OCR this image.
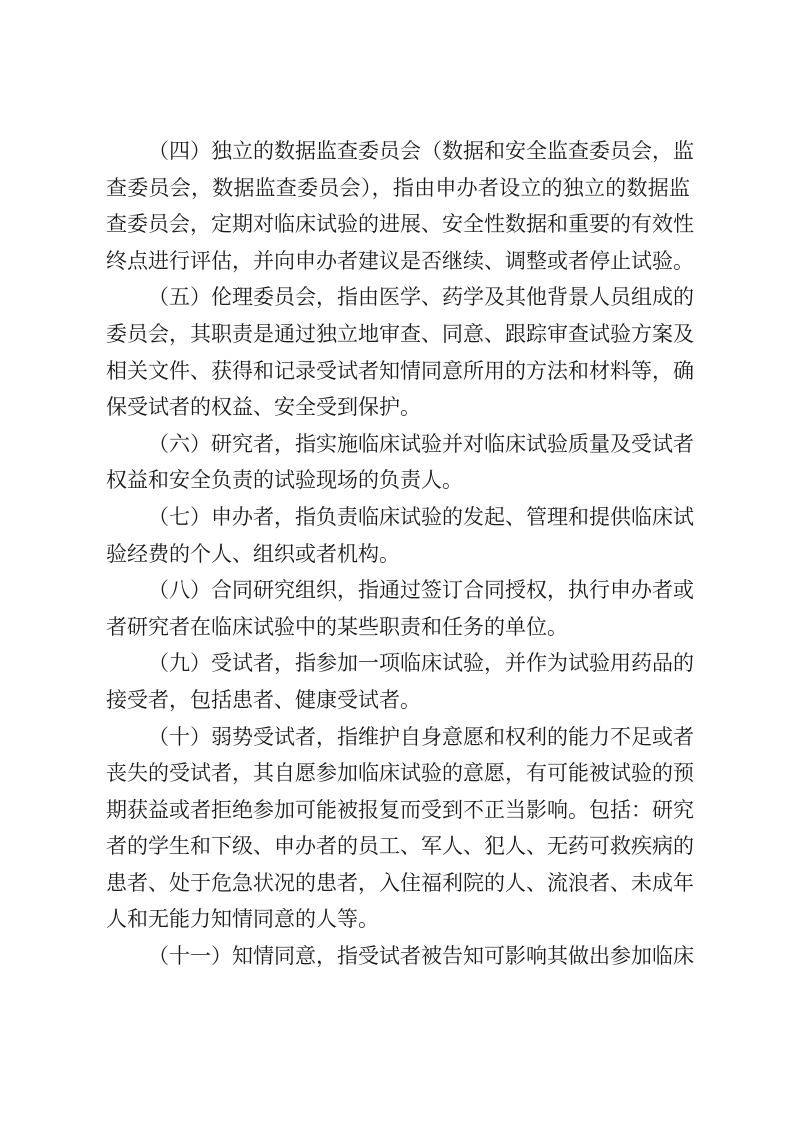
（四）独立的数据监查委员会（数据和安全监查委员会，监
查委员会，数据监查委员会），指由申办者设立的独立的数据监
查委员会，定期对临床试验的进展、安全性数据和重要的有效性
终点进行评估，并向申办者建议是否继续、调整或者停止试验。
（五）伦理委员会，指由医学、药学及其他背景人员组成的
委员会，其职责是通过独立地审查、同意、跟踪审查试验方案及
相关文件、获得和记录受试者知情同意所用的方法和材料等，确
保受试者的权益、安全受到保护。
（六）研究者，指实施临床试验并对临床试验质量及受试者
权益和安全负责的试验现场的负责人。
（七）申办者，指负责临床试验的发起、管理和提供临床试
验经费的个人、组织或者机构。
（八）合同研究组织，指通过签订合同授权，执行申办者或
者研究者在临床试验中的某些职责和任务的单位。
（九）受试者，指参加一项临床试验，并作为试验用药品的
接受者，包括患者、健康受试者。
（十）弱势受试者，指维护自身意愿和权利的能力不足或者
丧失的受试者，其自愿参加临床试验的意愿，有可能被试验的预
期获益或者拒绝参加可能被报复而受到不正当影响。包括：研究
者的学生和下级、申办者的员工、军人、犯人、无药可救疾病的
患者、处于危急状况的患者，入住福利院的人、流浪者、未成年
人和无能力知情同意的人等。
（十一）知情同意，指受试者被告知可影响其做出参加临床
